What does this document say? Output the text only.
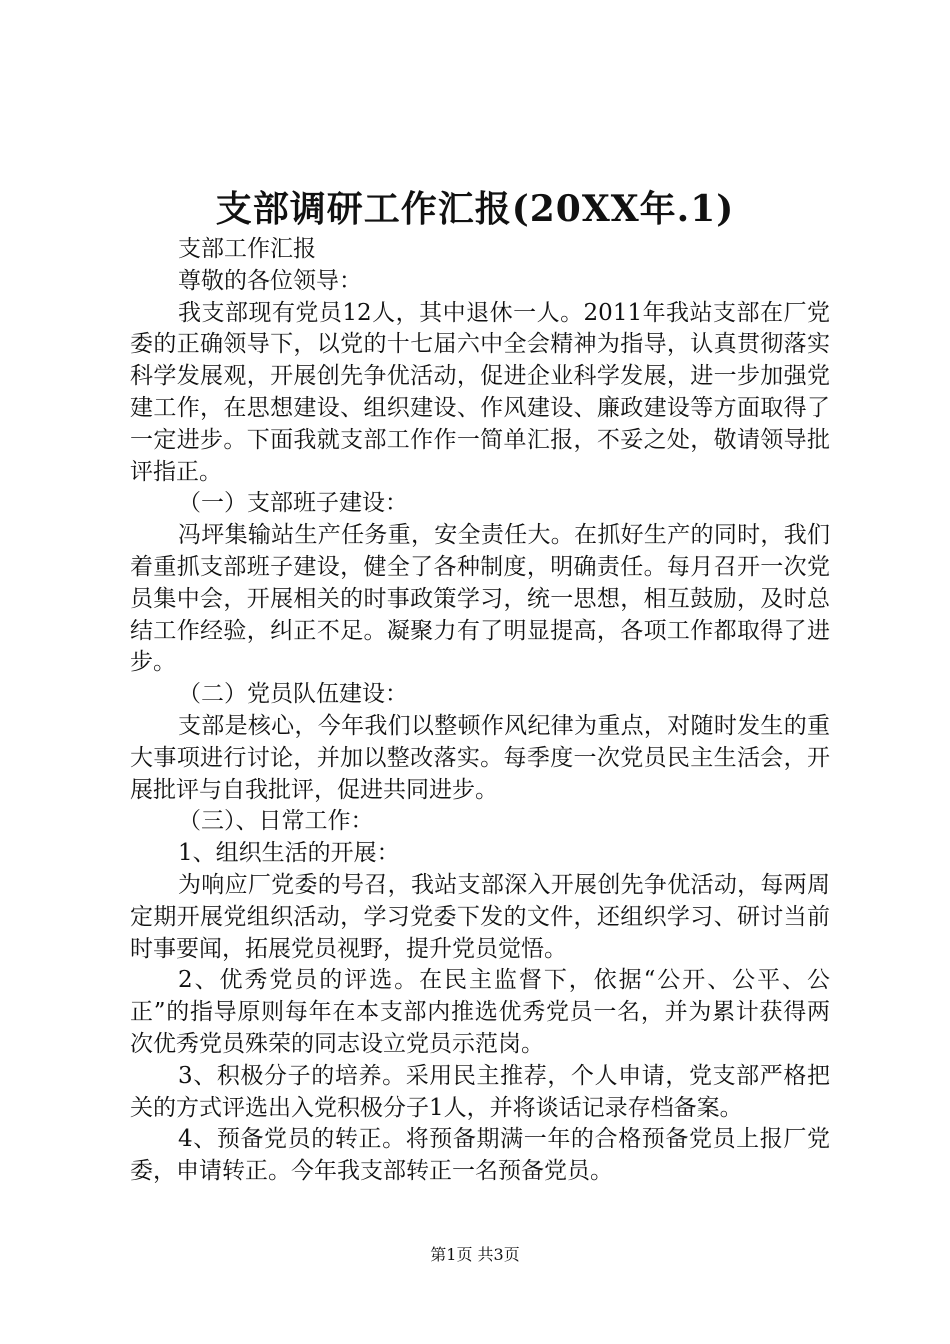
支部调研工作汇报(20XX年.1)

支部工作汇报

尊敬的各位领导：

我支部现有党员12人，其中退休一人。2011年我站支部在厂党委的正确领导下，以党的十七届六中全会精神为指导，认真贯彻落实科学发展观，开展创先争优活动，促进企业科学发展，进一步加强党建工作，在思想建设、组织建设、作风建设、廉政建设等方面取得了一定进步。下面我就支部工作作一简单汇报，不妥之处，敬请领导批评指正。

（一）支部班子建设：

冯坪集输站生产任务重，安全责任大。在抓好生产的同时，我们着重抓支部班子建设，健全了各种制度，明确责任。每月召开一次党员集中会，开展相关的时事政策学习，统一思想，相互鼓励，及时总结工作经验，纠正不足。凝聚力有了明显提高，各项工作都取得了进步。

（二）党员队伍建设：

支部是核心，今年我们以整顿作风纪律为重点，对随时发生的重大事项进行讨论，并加以整改落实。每季度一次党员民主生活会，开展批评与自我批评，促进共同进步。

（三）、日常工作：

1、组织生活的开展：

为响应厂党委的号召，我站支部深入开展创先争优活动，每两周定期开展党组织活动，学习党委下发的文件，还组织学习、研讨当前时事要闻，拓展党员视野，提升党员觉悟。

2、优秀党员的评选。在民主监督下，依据“公开、公平、公正”的指导原则每年在本支部内推选优秀党员一名，并为累计获得两次优秀党员殊荣的同志设立党员示范岗。

3、积极分子的培养。采用民主推荐，个人申请，党支部严格把关的方式评选出入党积极分子1人，并将谈话记录存档备案。

4、预备党员的转正。将预备期满一年的合格预备党员上报厂党委，申请转正。今年我支部转正一名预备党员。

第1页 共3页
